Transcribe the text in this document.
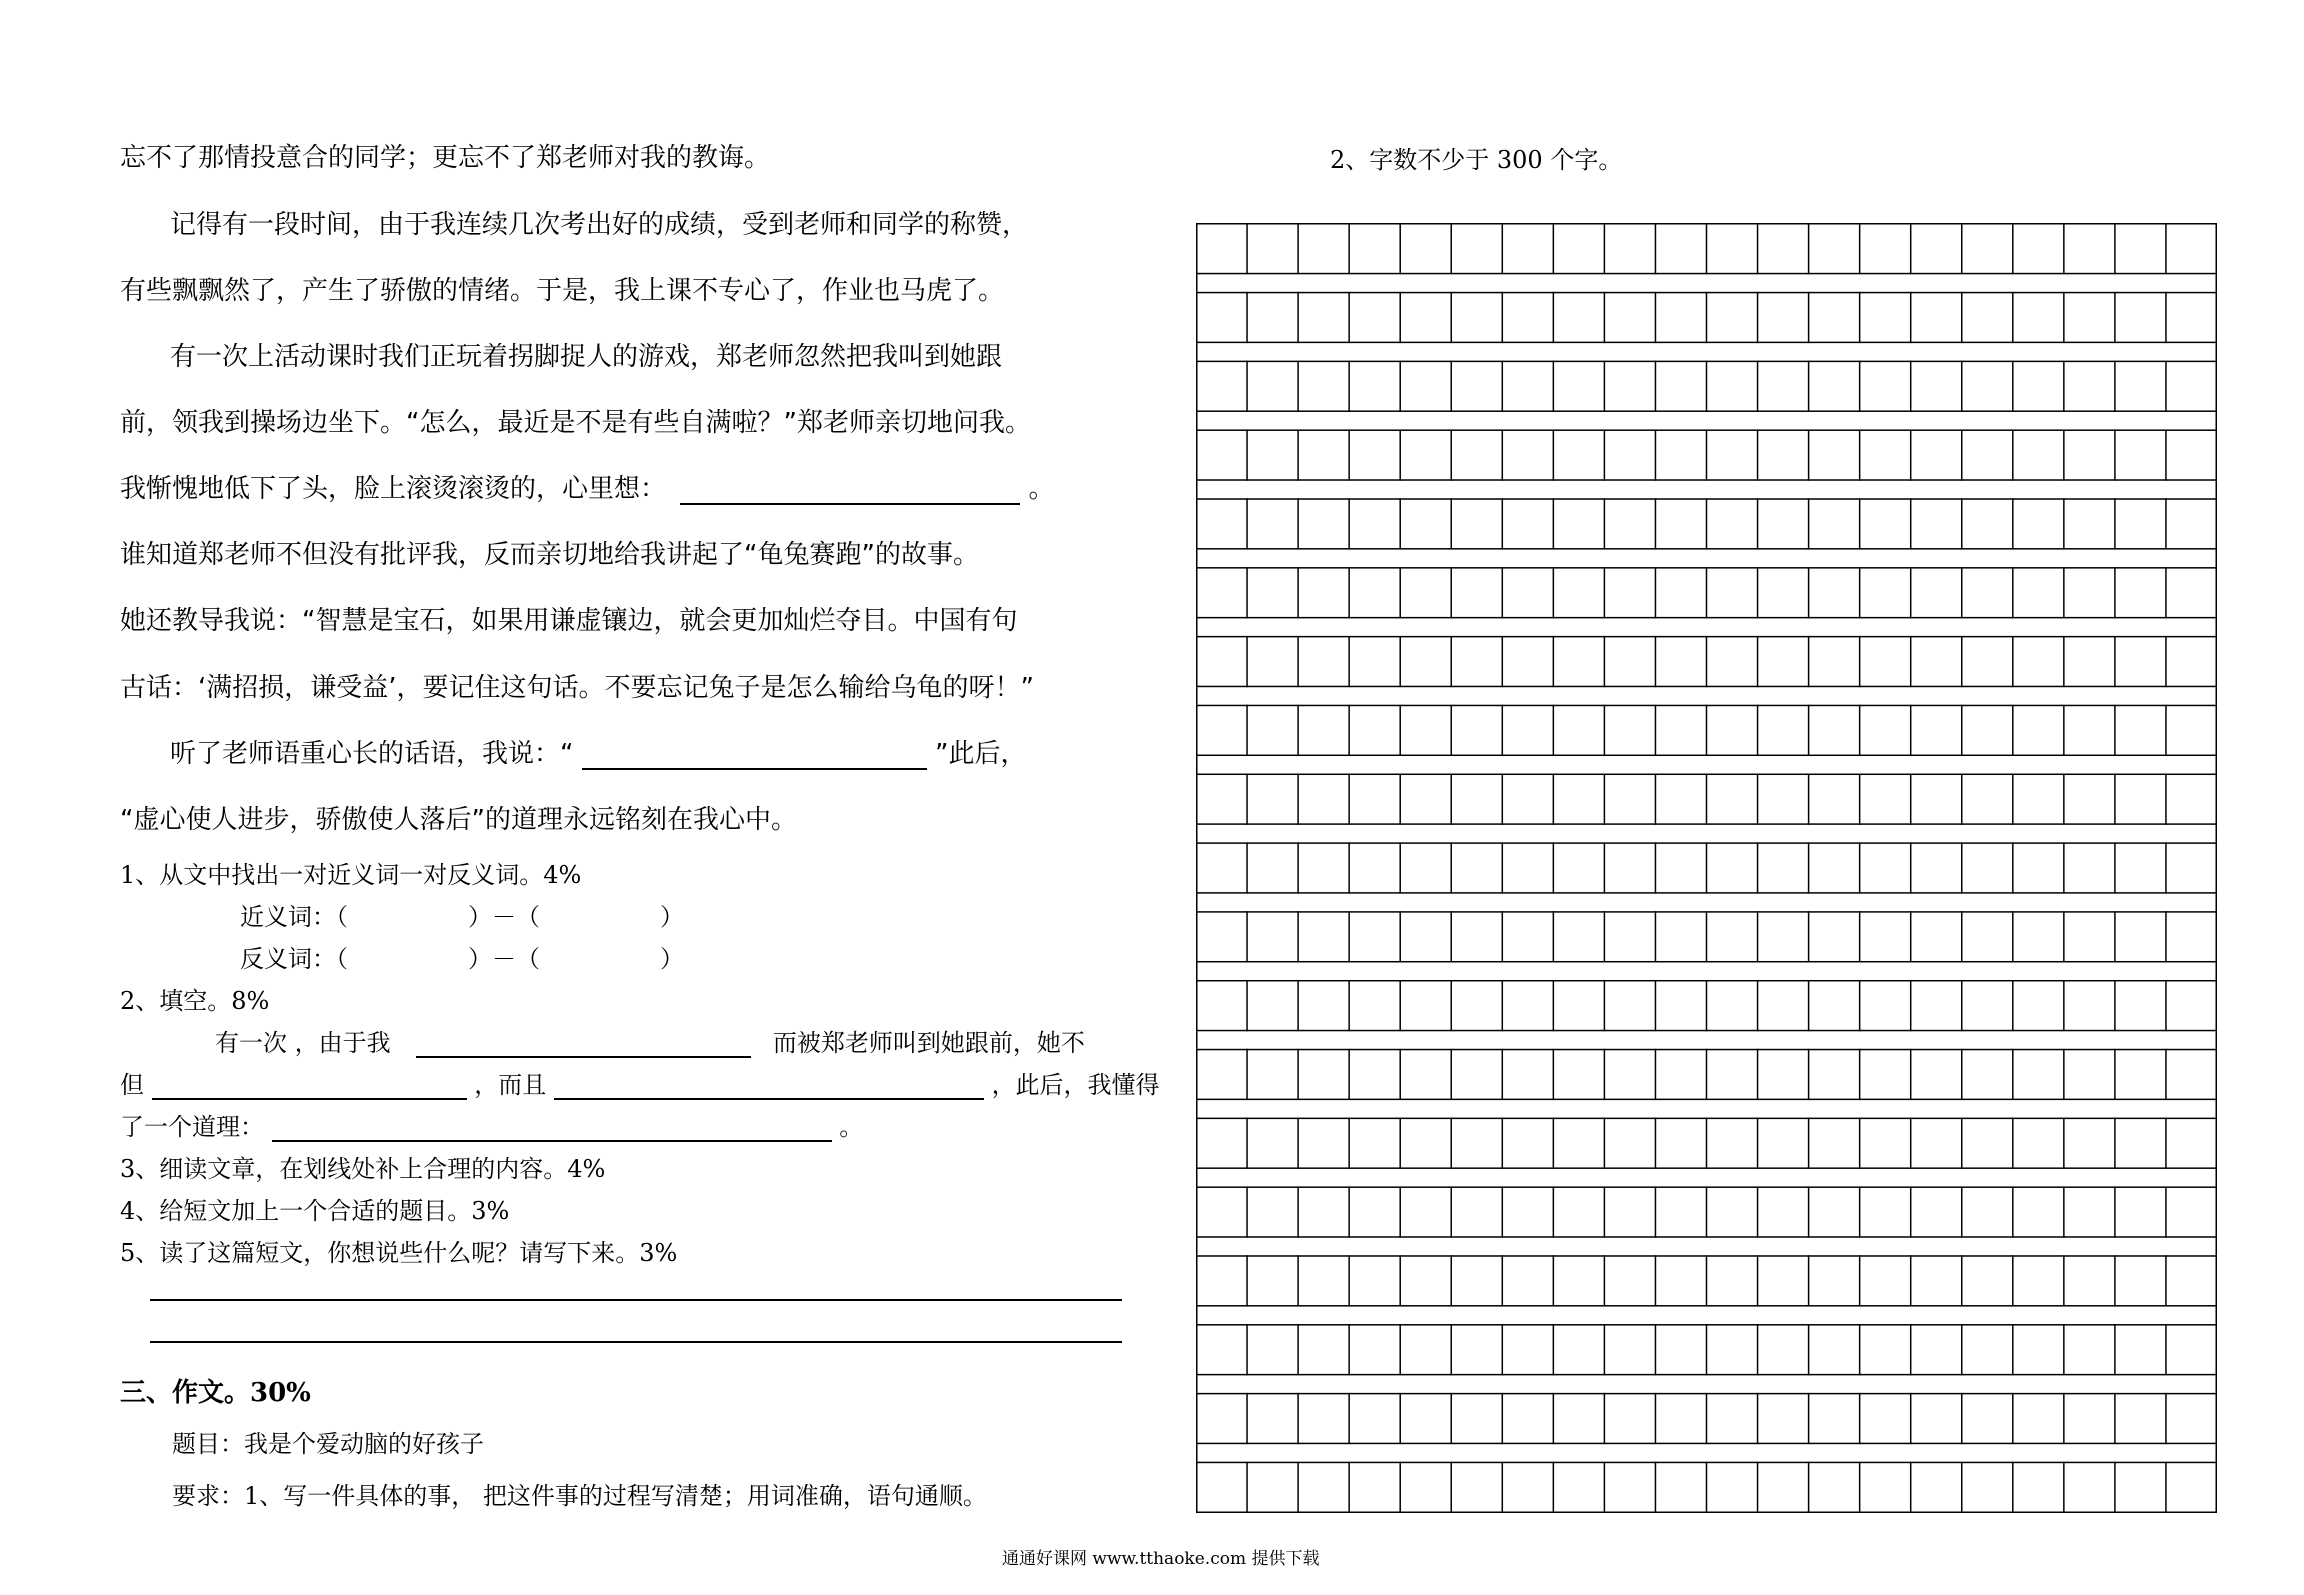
忘不了那情投意合的同学；更忘不了郑老师对我的教诲。
记得有一段时间，由于我连续几次考出好的成绩，受到老师和同学的称赞，
有些飘飘然了，产生了骄傲的情绪。于是，我上课不专心了，作业也马虎了。
有一次上活动课时我们正玩着拐脚捉人的游戏，郑老师忽然把我叫到她跟
前，领我到操场边坐下。“怎么，最近是不是有些自满啦？”郑老师亲切地问我。
我惭愧地低下了头，脸上滚烫滚烫的，心里想：	。
谁知道郑老师不但没有批评我，反而亲切地给我讲起了“龟兔赛跑”的故事。
她还教导我说：“智慧是宝石，如果用谦虚镶边，就会更加灿烂夺目。中国有句
古话：‘满招损，谦受益’，要记住这句话。不要忘记兔子是怎么输给乌龟的呀！”
听了老师语重心长的话语，我说：“	”此后，
“虚心使人进步，骄傲使人落后”的道理永远铭刻在我心中。
1、从文中找出一对近义词一对反义词。4%
近义词：（　　　　　）－（　　　　　）
反义词：（　　　　　）－（　　　　　）
2、填空。8%
有一次 ，由于我	而被郑老师叫到她跟前，她不
但	，而且	，此后，我懂得
了一个道理：	。
3、细读文章，在划线处补上合理的内容。4%
4、给短文加上一个合适的题目。3%
5、读了这篇短文，你想说些什么呢？请写下来。3%
三、作文。30%
题目：我是个爱动脑的好孩子
要求：1、写一件具体的事， 把这件事的过程写清楚；用词准确，语句通顺。
2、字数不少于 300 个字。
通通好课网 www.tthaoke.com 提供下载
